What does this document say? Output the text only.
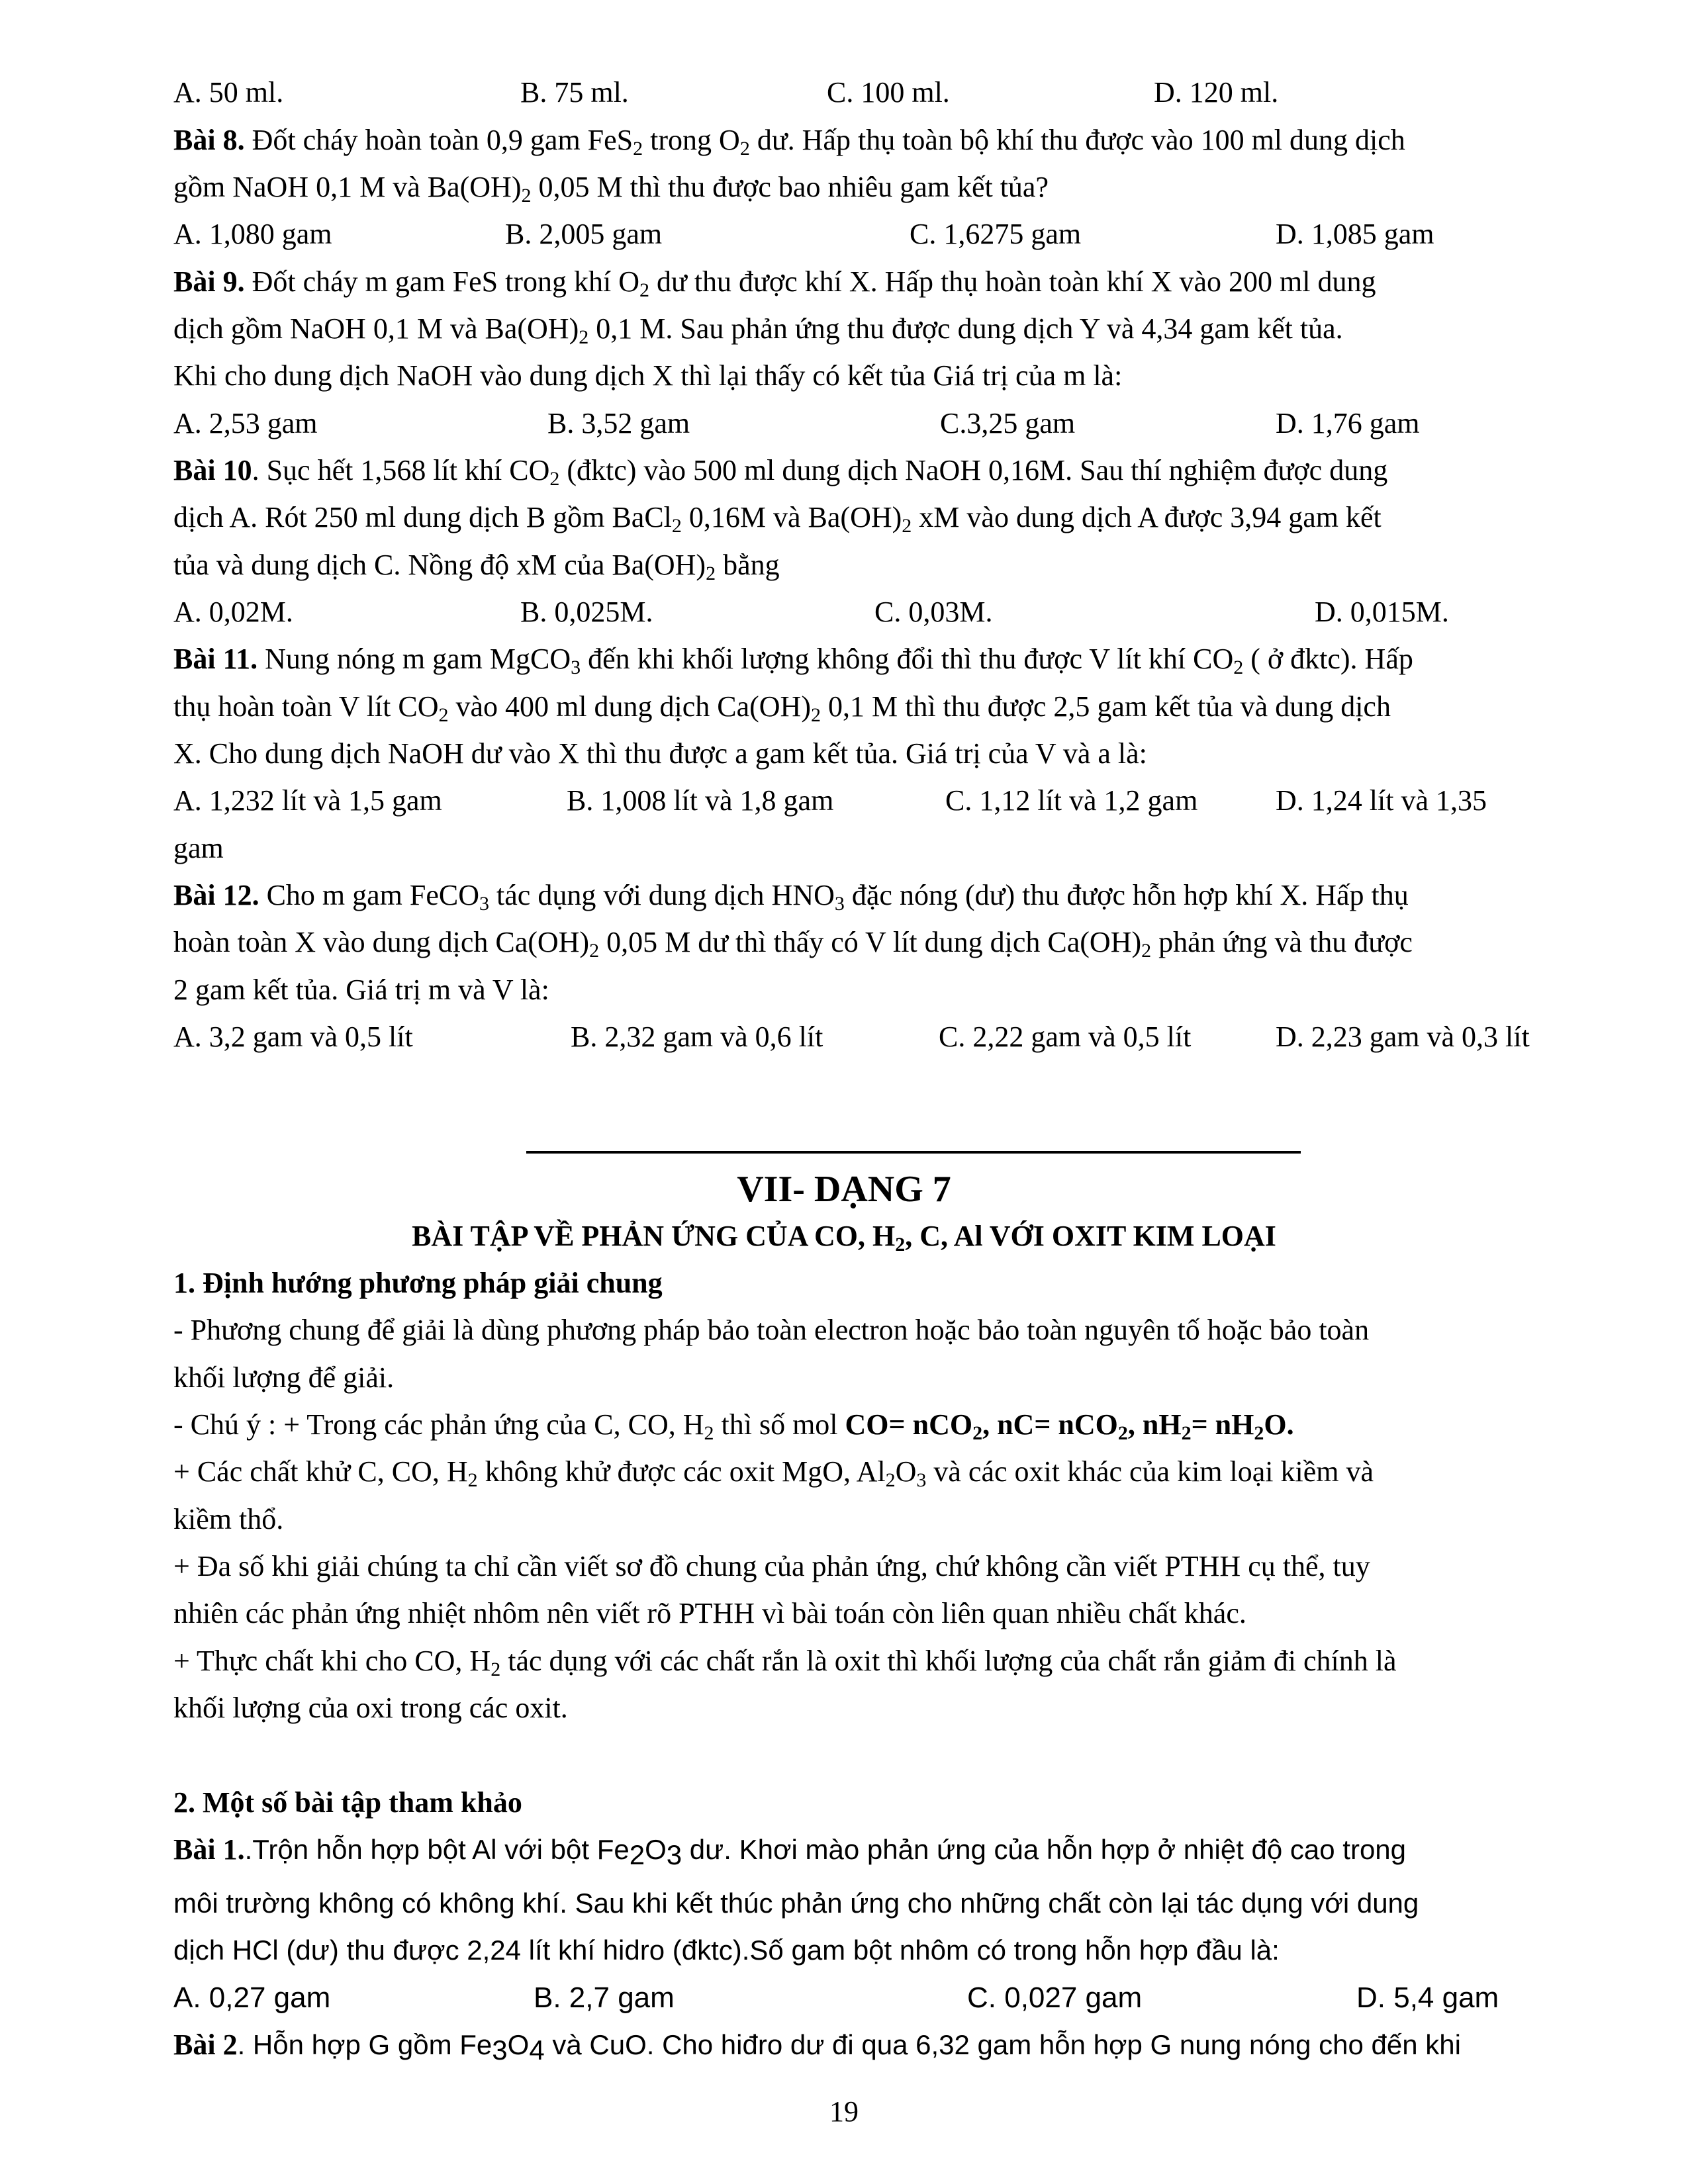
A. 50 ml.	B. 75 ml.	C. 100 ml.	D. 120 ml.
Bài 8. Đốt cháy hoàn toàn 0,9 gam FeS$_2$ trong $O_2$ dư. Hấp thụ toàn bộ khí thu được vào 100 ml dung dịch
gồm NaOH 0,1 M và $Ba(OH)_2$ 0,05 M thì thu được bao nhiêu gam kết tủa?
A. 1,080 gam	B. 2,005 gam	C. 1,6275 gam	D. 1,085 gam
Bài 9. Đốt cháy m gam FeS trong khí $O_2$ dư thu được khí X. Hấp thụ hoàn toàn khí X vào 200 ml dung
dịch gồm NaOH 0,1 M và $Ba(OH)_2$ 0,1 M. Sau phản ứng thu được dung dịch Y và 4,34 gam kết tủa.
Khi cho dung dịch NaOH vào dung dịch X thì lại thấy có kết tủa Giá trị của m là:
A. 2,53 gam	B. 3,52 gam	C.3,25 gam	D. 1,76 gam
Bài 10. Sục hết 1,568 lít khí $CO_2$ (đktc) vào 500 ml dung dịch NaOH 0,16M. Sau thí nghiệm được dung
dịch A. Rót 250 ml dung dịch B gồm BaCl$_2$ 0,16M và $Ba(OH)_2$ xM vào dung dịch A được 3,94 gam kết
tủa và dung dịch C. Nồng độ xM của $Ba(OH)_2$ bằng
A. 0,02M.	B. 0,025M.	C. 0,03M.	D. 0,015M.
Bài 11. Nung nóng m gam MgCO$_3$ đến khi khối lượng không đổi thì thu được V lít khí $CO_2$ ( ở đktc). Hấp
thụ hoàn toàn V lít $CO_2$ vào 400 ml dung dịch $Ca(OH)_2$ 0,1 M thì thu được 2,5 gam kết tủa và dung dịch
X. Cho dung dịch NaOH dư vào X thì thu được a gam kết tủa. Giá trị của V và a là:
A. 1,232 lít và 1,5 gam	B. 1,008 lít và 1,8 gam	C. 1,12 lít và 1,2 gam	D. 1,24 lít và 1,35
gam
Bài 12. Cho m gam FeCO$_3$ tác dụng với dung dịch $HNO_3$ đặc nóng (dư) thu được hỗn hợp khí X. Hấp thụ
hoàn toàn X vào dung dịch $Ca(OH)_2$ 0,05 M dư thì thấy có V lít dung dịch $Ca(OH)_2$ phản ứng và thu được
2 gam kết tủa. Giá trị m và V là:
A. 3,2 gam và 0,5 lít	B. 2,32 gam và 0,6 lít	C. 2,22 gam và 0,5 lít	D. 2,23 gam và 0,3 lít
VII- DẠNG 7
BÀI TẬP VỀ PHẢN ỨNG CỦA CO, $H_2$, C, Al VỚI OXIT KIM LOẠI
1. Định hướng phương pháp giải chung
- Phương chung để giải là dùng phương pháp bảo toàn electron hoặc bảo toàn nguyên tố hoặc bảo toàn
khối lượng để giải.
- Chú ý : + Trong các phản ứng của C, CO, $H_2$ thì số mol CO= nCO$_2$, nC= nCO$_2$, $nH_2= nH_2O$.
+ Các chất khử C, CO, $H_2$ không khử được các oxit MgO, $Al_2O_3$ và các oxit khác của kim loại kiềm và
kiềm thổ.
+ Đa số khi giải chúng ta chỉ cần viết sơ đồ chung của phản ứng, chứ không cần viết PTHH cụ thể, tuy
nhiên các phản ứng nhiệt nhôm nên viết rõ PTHH vì bài toán còn liên quan nhiều chất khác.
+ Thực chất khi cho CO, $H_2$ tác dụng với các chất rắn là oxit thì khối lượng của chất rắn giảm đi chính là
khối lượng của oxi trong các oxit.
2. Một số bài tập tham khảo
Bài 1..Trộn hỗn hợp bột Al với bột $Fe_2O_3$ dư. Khơi mào phản ứng của hỗn hợp ở nhiệt độ cao trong
môi trường không có không khí. Sau khi kết thúc phản ứng cho những chất còn lại tác dụng với dung
dịch HCl (dư) thu được 2,24 lít khí hidro (đktc).Số gam bột nhôm có trong hỗn hợp đầu là:
A. 0,27 gam	B. 2,7 gam	C. 0,027 gam	D. 5,4 gam
Bài 2. Hỗn hợp G gồm $Fe_3O_4$ và CuO. Cho hiđro dư đi qua 6,32 gam hỗn hợp G nung nóng cho đến khi
19
